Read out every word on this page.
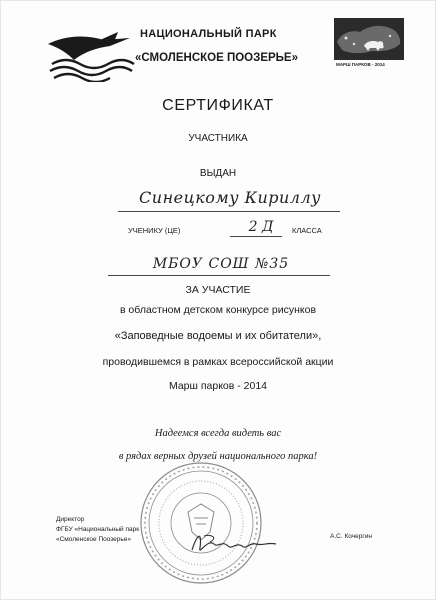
НАЦИОНАЛЬНЫЙ ПАРК
«СМОЛЕНСКОЕ ПООЗЕРЬЕ»
МАРШ ПАРКОВ - 2014
СЕРТИФИКАТ
УЧАСТНИКА
ВЫДАН
Синецкому Кириллу
УЧЕНИКУ (ЦЕ)	2 Д	КЛАССА
МБОУ СОШ №35
ЗА УЧАСТИЕ
в областном детском конкурсе рисунков
«Заповедные водоемы и их обитатели»,
проводившемся в рамках всероссийской акции
Марш парков - 2014
Надеемся всегда видеть вас
в рядах верных друзей национального парка!
Директор
ФГБУ «Национальный парк
«Смоленское Поозерье»	А.С. Кочергин
